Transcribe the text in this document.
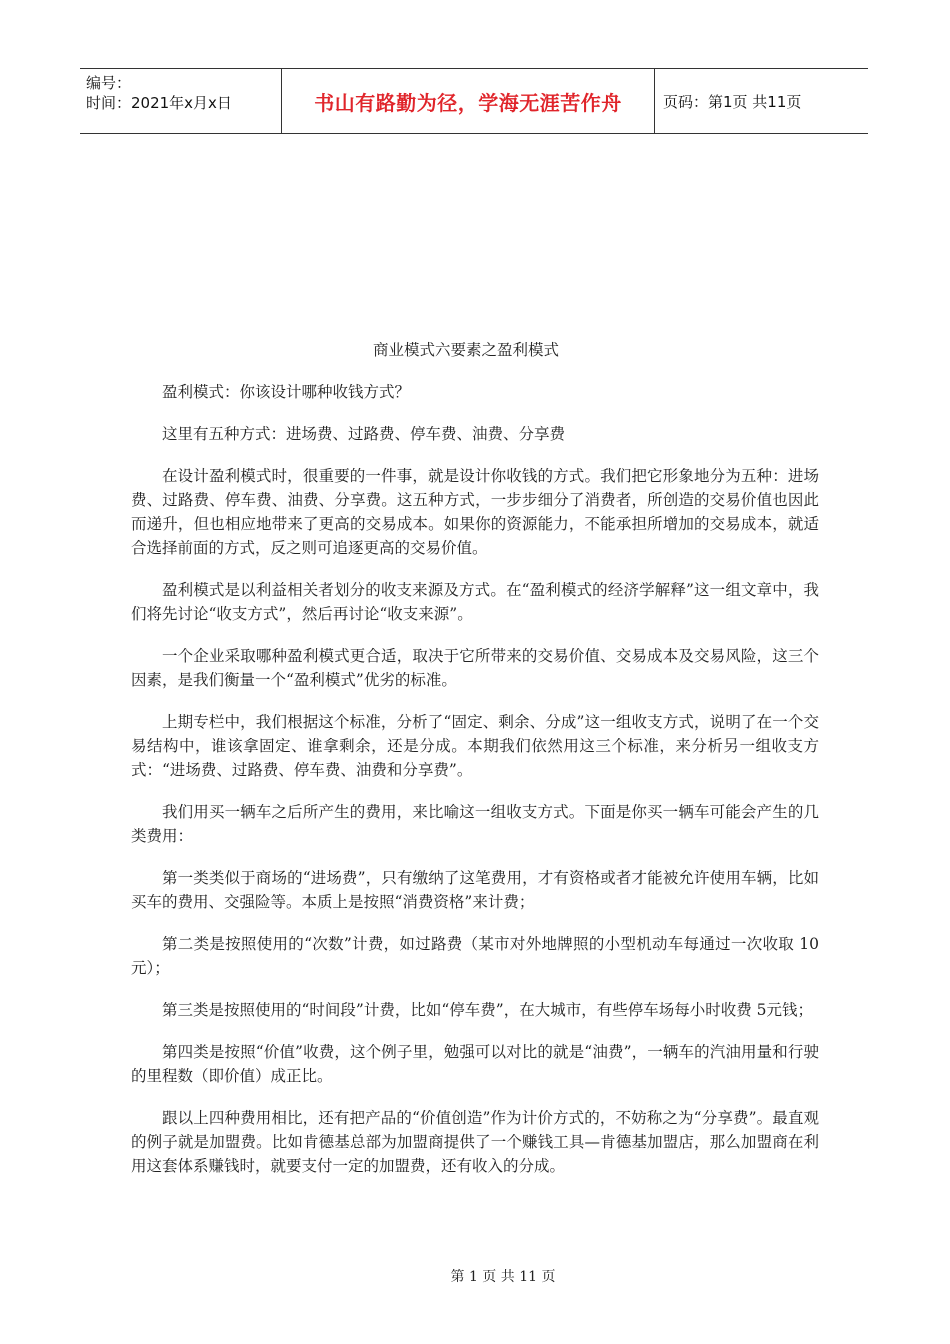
编号：
时间：2021年x月x日	书山有路勤为径，学海无涯苦作舟	页码：第1页 共11页

商业模式六要素之盈利模式

盈利模式：你该设计哪种收钱方式？

这里有五种方式：进场费、过路费、停车费、油费、分享费

在设计盈利模式时，很重要的一件事，就是设计你收钱的方式。我们把它形象地分为五种：进场费、过路费、停车费、油费、分享费。这五种方式，一步步细分了消费者，所创造的交易价值也因此而递升，但也相应地带来了更高的交易成本。如果你的资源能力，不能承担所增加的交易成本，就适合选择前面的方式，反之则可追逐更高的交易价值。

盈利模式是以利益相关者划分的收支来源及方式。在“盈利模式的经济学解释”这一组文章中，我们将先讨论“收支方式”，然后再讨论“收支来源”。

一个企业采取哪种盈利模式更合适，取决于它所带来的交易价值、交易成本及交易风险，这三个因素，是我们衡量一个“盈利模式”优劣的标准。

上期专栏中，我们根据这个标准，分析了“固定、剩余、分成”这一组收支方式，说明了在一个交易结构中，谁该拿固定、谁拿剩余，还是分成。本期我们依然用这三个标准，来分析另一组收支方式：“进场费、过路费、停车费、油费和分享费”。

我们用买一辆车之后所产生的费用，来比喻这一组收支方式。下面是你买一辆车可能会产生的几类费用：

第一类类似于商场的“进场费”，只有缴纳了这笔费用，才有资格或者才能被允许使用车辆，比如买车的费用、交强险等。本质上是按照“消费资格”来计费；

第二类是按照使用的“次数”计费，如过路费（某市对外地牌照的小型机动车每通过一次收取 10元）；

第三类是按照使用的“时间段”计费，比如“停车费”，在大城市，有些停车场每小时收费 5元钱；

第四类是按照“价值”收费，这个例子里，勉强可以对比的就是“油费”，一辆车的汽油用量和行驶的里程数（即价值）成正比。

跟以上四种费用相比，还有把产品的“价值创造”作为计价方式的，不妨称之为“分享费”。最直观的例子就是加盟费。比如肯德基总部为加盟商提供了一个赚钱工具—肯德基加盟店，那么加盟商在利用这套体系赚钱时，就要支付一定的加盟费，还有收入的分成。

第 1 页 共 11 页
